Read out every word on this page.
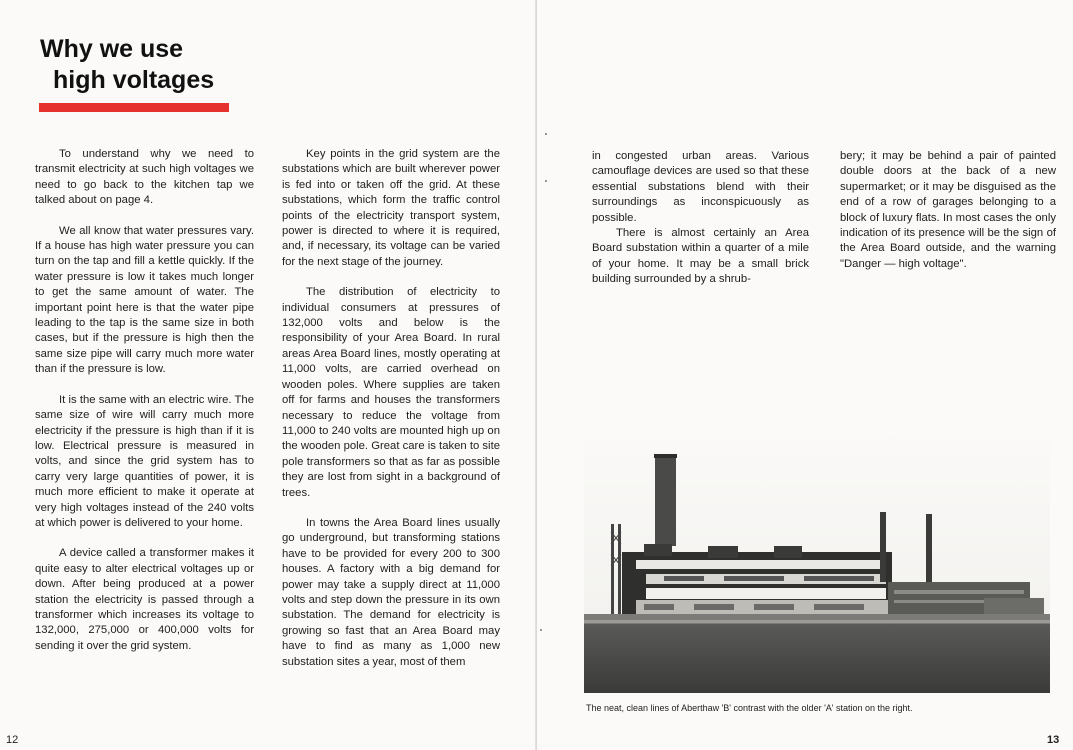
Why we use
high voltages

To understand why we need to transmit electricity at such high voltages we need to go back to the kitchen tap we talked about on page 4.

We all know that water pressures vary. If a house has high water pressure you can turn on the tap and fill a kettle quickly. If the water pressure is low it takes much longer to get the same amount of water. The important point here is that the water pipe leading to the tap is the same size in both cases, but if the pressure is high then the same size pipe will carry much more water than if the pressure is low.

It is the same with an electric wire. The same size of wire will carry much more electricity if the pressure is high than if it is low. Electrical pressure is measured in volts, and since the grid system has to carry very large quantities of power, it is much more efficient to make it operate at very high voltages instead of the 240 volts at which power is delivered to your home.

A device called a transformer makes it quite easy to alter electrical voltages up or down. After being produced at a power station the electricity is passed through a transformer which increases its voltage to 132,000, 275,000 or 400,000 volts for sending it over the grid system.

Key points in the grid system are the substations which are built wherever power is fed into or taken off the grid. At these substations, which form the traffic control points of the electricity transport system, power is directed to where it is required, and, if necessary, its voltage can be varied for the next stage of the journey.

The distribution of electricity to individual consumers at pressures of 132,000 volts and below is the responsibility of your Area Board. In rural areas Area Board lines, mostly operating at 11,000 volts, are carried overhead on wooden poles. Where supplies are taken off for farms and houses the transformers necessary to reduce the voltage from 11,000 to 240 volts are mounted high up on the wooden pole. Great care is taken to site pole transformers so that as far as possible they are lost from sight in a background of trees.

In towns the Area Board lines usually go underground, but transforming stations have to be provided for every 200 to 300 houses. A factory with a big demand for power may take a supply direct at 11,000 volts and step down the pressure in its own substation. The demand for electricity is growing so fast that an Area Board may have to find as many as 1,000 new substation sites a year, most of them

12

in congested urban areas. Various camouflage devices are used so that these essential substations blend with their surroundings as inconspicuously as possible.

There is almost certainly an Area Board substation within a quarter of a mile of your home. It may be a small brick building surrounded by a shrub-

bery; it may be behind a pair of painted double doors at the back of a new supermarket; or it may be disguised as the end of a row of garages belonging to a block of luxury flats. In most cases the only indication of its presence will be the sign of the Area Board outside, and the warning "Danger — high voltage".

The neat, clean lines of Aberthaw 'B' contrast with the older 'A' station on the right.
13
